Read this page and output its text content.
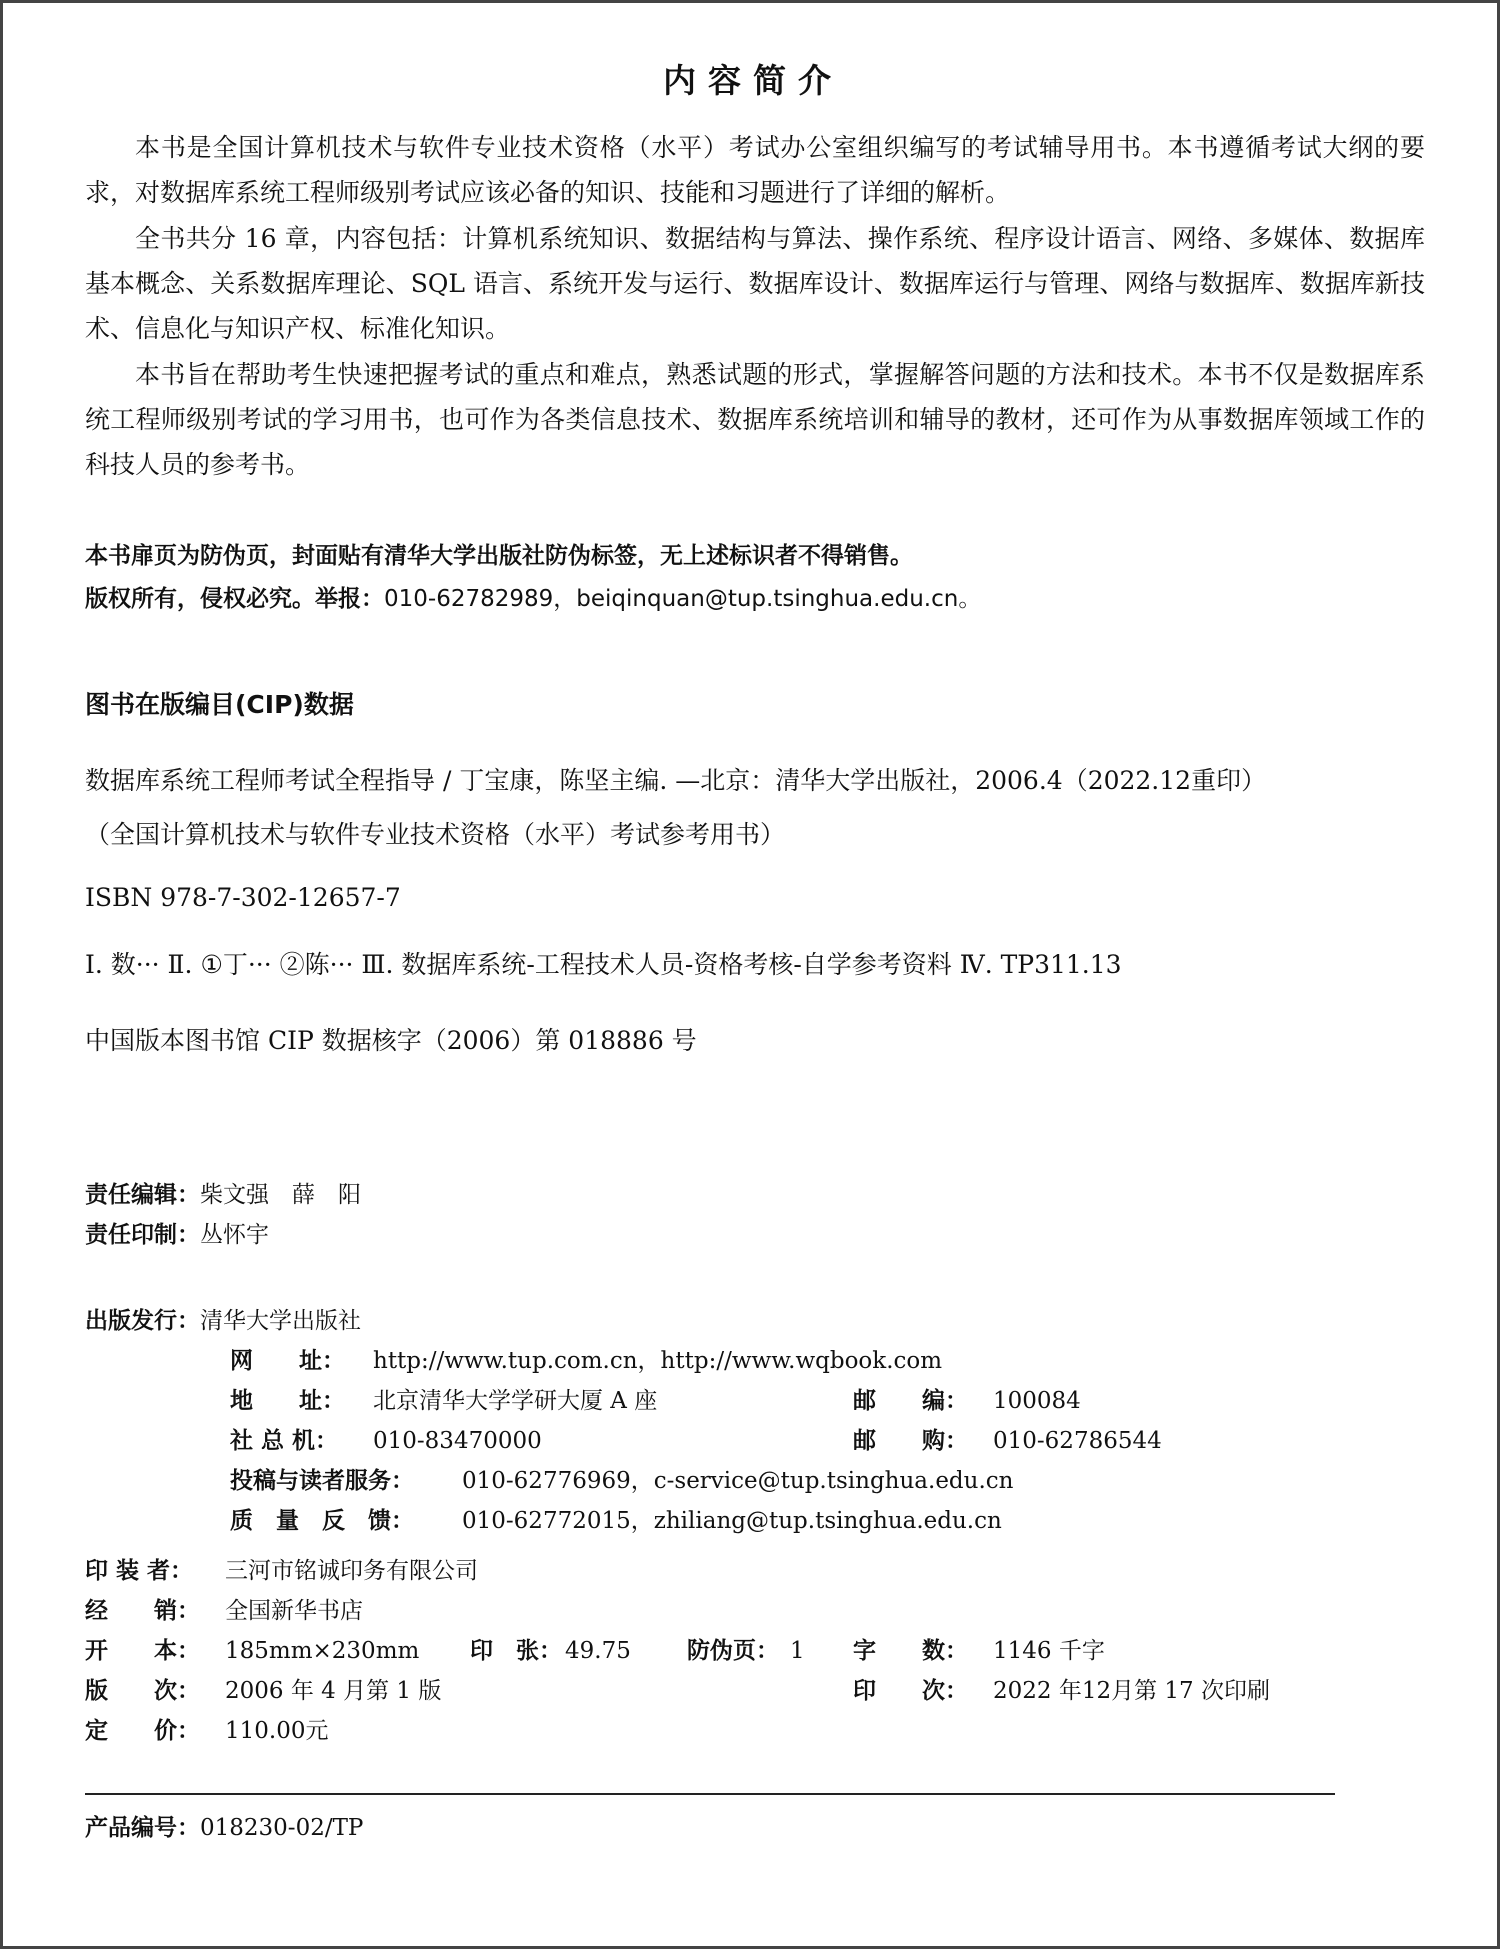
内容简介

本书是全国计算机技术与软件专业技术资格（水平）考试办公室组织编写的考试辅导用书。本书遵循考试大纲的要求，对数据库系统工程师级别考试应该必备的知识、技能和习题进行了详细的解析。

全书共分 16 章，内容包括：计算机系统知识、数据结构与算法、操作系统、程序设计语言、网络、多媒体、数据库基本概念、关系数据库理论、SQL 语言、系统开发与运行、数据库设计、数据库运行与管理、网络与数据库、数据库新技术、信息化与知识产权、标准化知识。

本书旨在帮助考生快速把握考试的重点和难点，熟悉试题的形式，掌握解答问题的方法和技术。本书不仅是数据库系统工程师级别考试的学习用书，也可作为各类信息技术、数据库系统培训和辅导的教材，还可作为从事数据库领域工作的科技人员的参考书。

本书扉页为防伪页，封面贴有清华大学出版社防伪标签，无上述标识者不得销售。
版权所有，侵权必究。举报：010-62782989，beiqinquan@tup.tsinghua.edu.cn。
图书在版编目(CIP)数据
数据库系统工程师考试全程指导 / 丁宝康，陈坚主编. —北京：清华大学出版社，2006.4（2022.12重印）
（全国计算机技术与软件专业技术资格（水平）考试参考用书）
ISBN 978-7-302-12657-7
Ⅰ. 数··· Ⅱ. ①丁··· ②陈··· Ⅲ. 数据库系统-工程技术人员-资格考核-自学参考资料 Ⅳ. TP311.13
中国版本图书馆 CIP 数据核字（2006）第 018886 号
责任编辑：柴文强　薛　阳
责任印制：丛怀宇
出版发行：清华大学出版社
网　　址： http://www.tup.com.cn，http://www.wqbook.com
地　　址： 北京清华大学学研大厦 A 座	邮　　编： 100084
社 总 机： 010-83470000	邮　　购： 010-62786544
投稿与读者服务： 010-62776969，c-service@tup.tsinghua.edu.cn
质　量　反　馈： 010-62772015，zhiliang@tup.tsinghua.edu.cn
印 装 者： 三河市铭诚印务有限公司
经　　销： 全国新华书店
开　　本： 185mm×230mm 印　张： 49.75 防伪页： 1 字　　数： 1146 千字
版　　次： 2006 年 4 月第 1 版	印　　次： 2022 年12月第 17 次印刷
定　　价： 110.00元
产品编号：018230-02/TP
